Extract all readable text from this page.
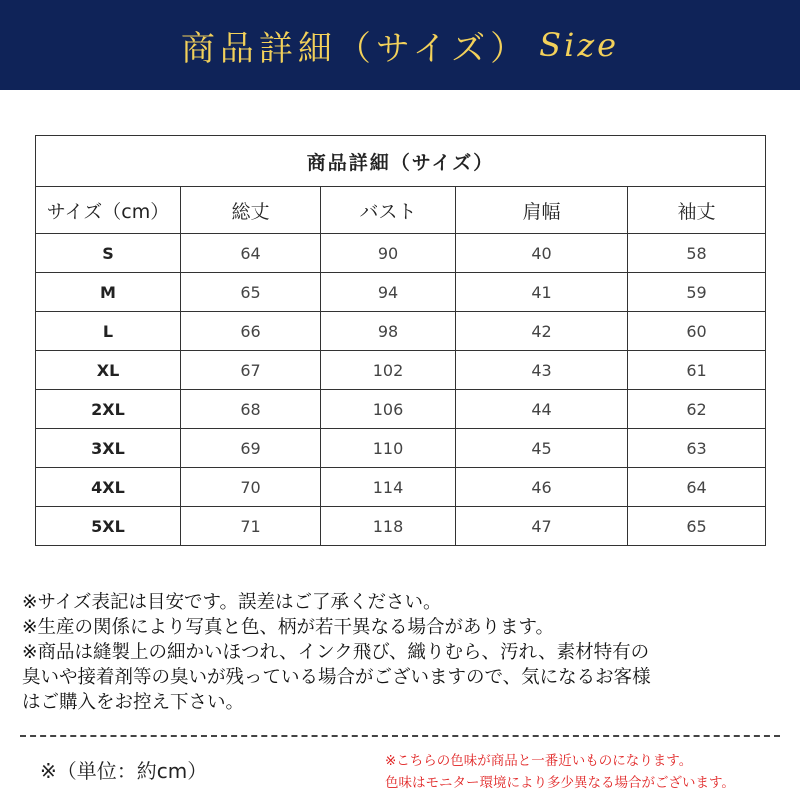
商品詳細（サイズ） Size
商品詳細（サイズ）				
サイズ（cm）	総丈	バスト	肩幅	袖丈
S	64	90	40	58
M	65	94	41	59
L	66	98	42	60
XL	67	102	43	61
2XL	68	106	44	62
3XL	69	110	45	63
4XL	70	114	46	64
5XL	71	118	47	65

※サイズ表記は目安です。誤差はご了承ください。

※生産の関係により写真と色、柄が若干異なる場合があります。

※商品は縫製上の細かいほつれ、インク飛び、織りむら、汚れ、素材特有の

臭いや接着剤等の臭いが残っている場合がございますので、気になるお客様

はご購入をお控え下さい。

※（単位：約cm）	※こちらの色味が商品と一番近いものになります。

色味はモニター環境により多少異なる場合がございます。
